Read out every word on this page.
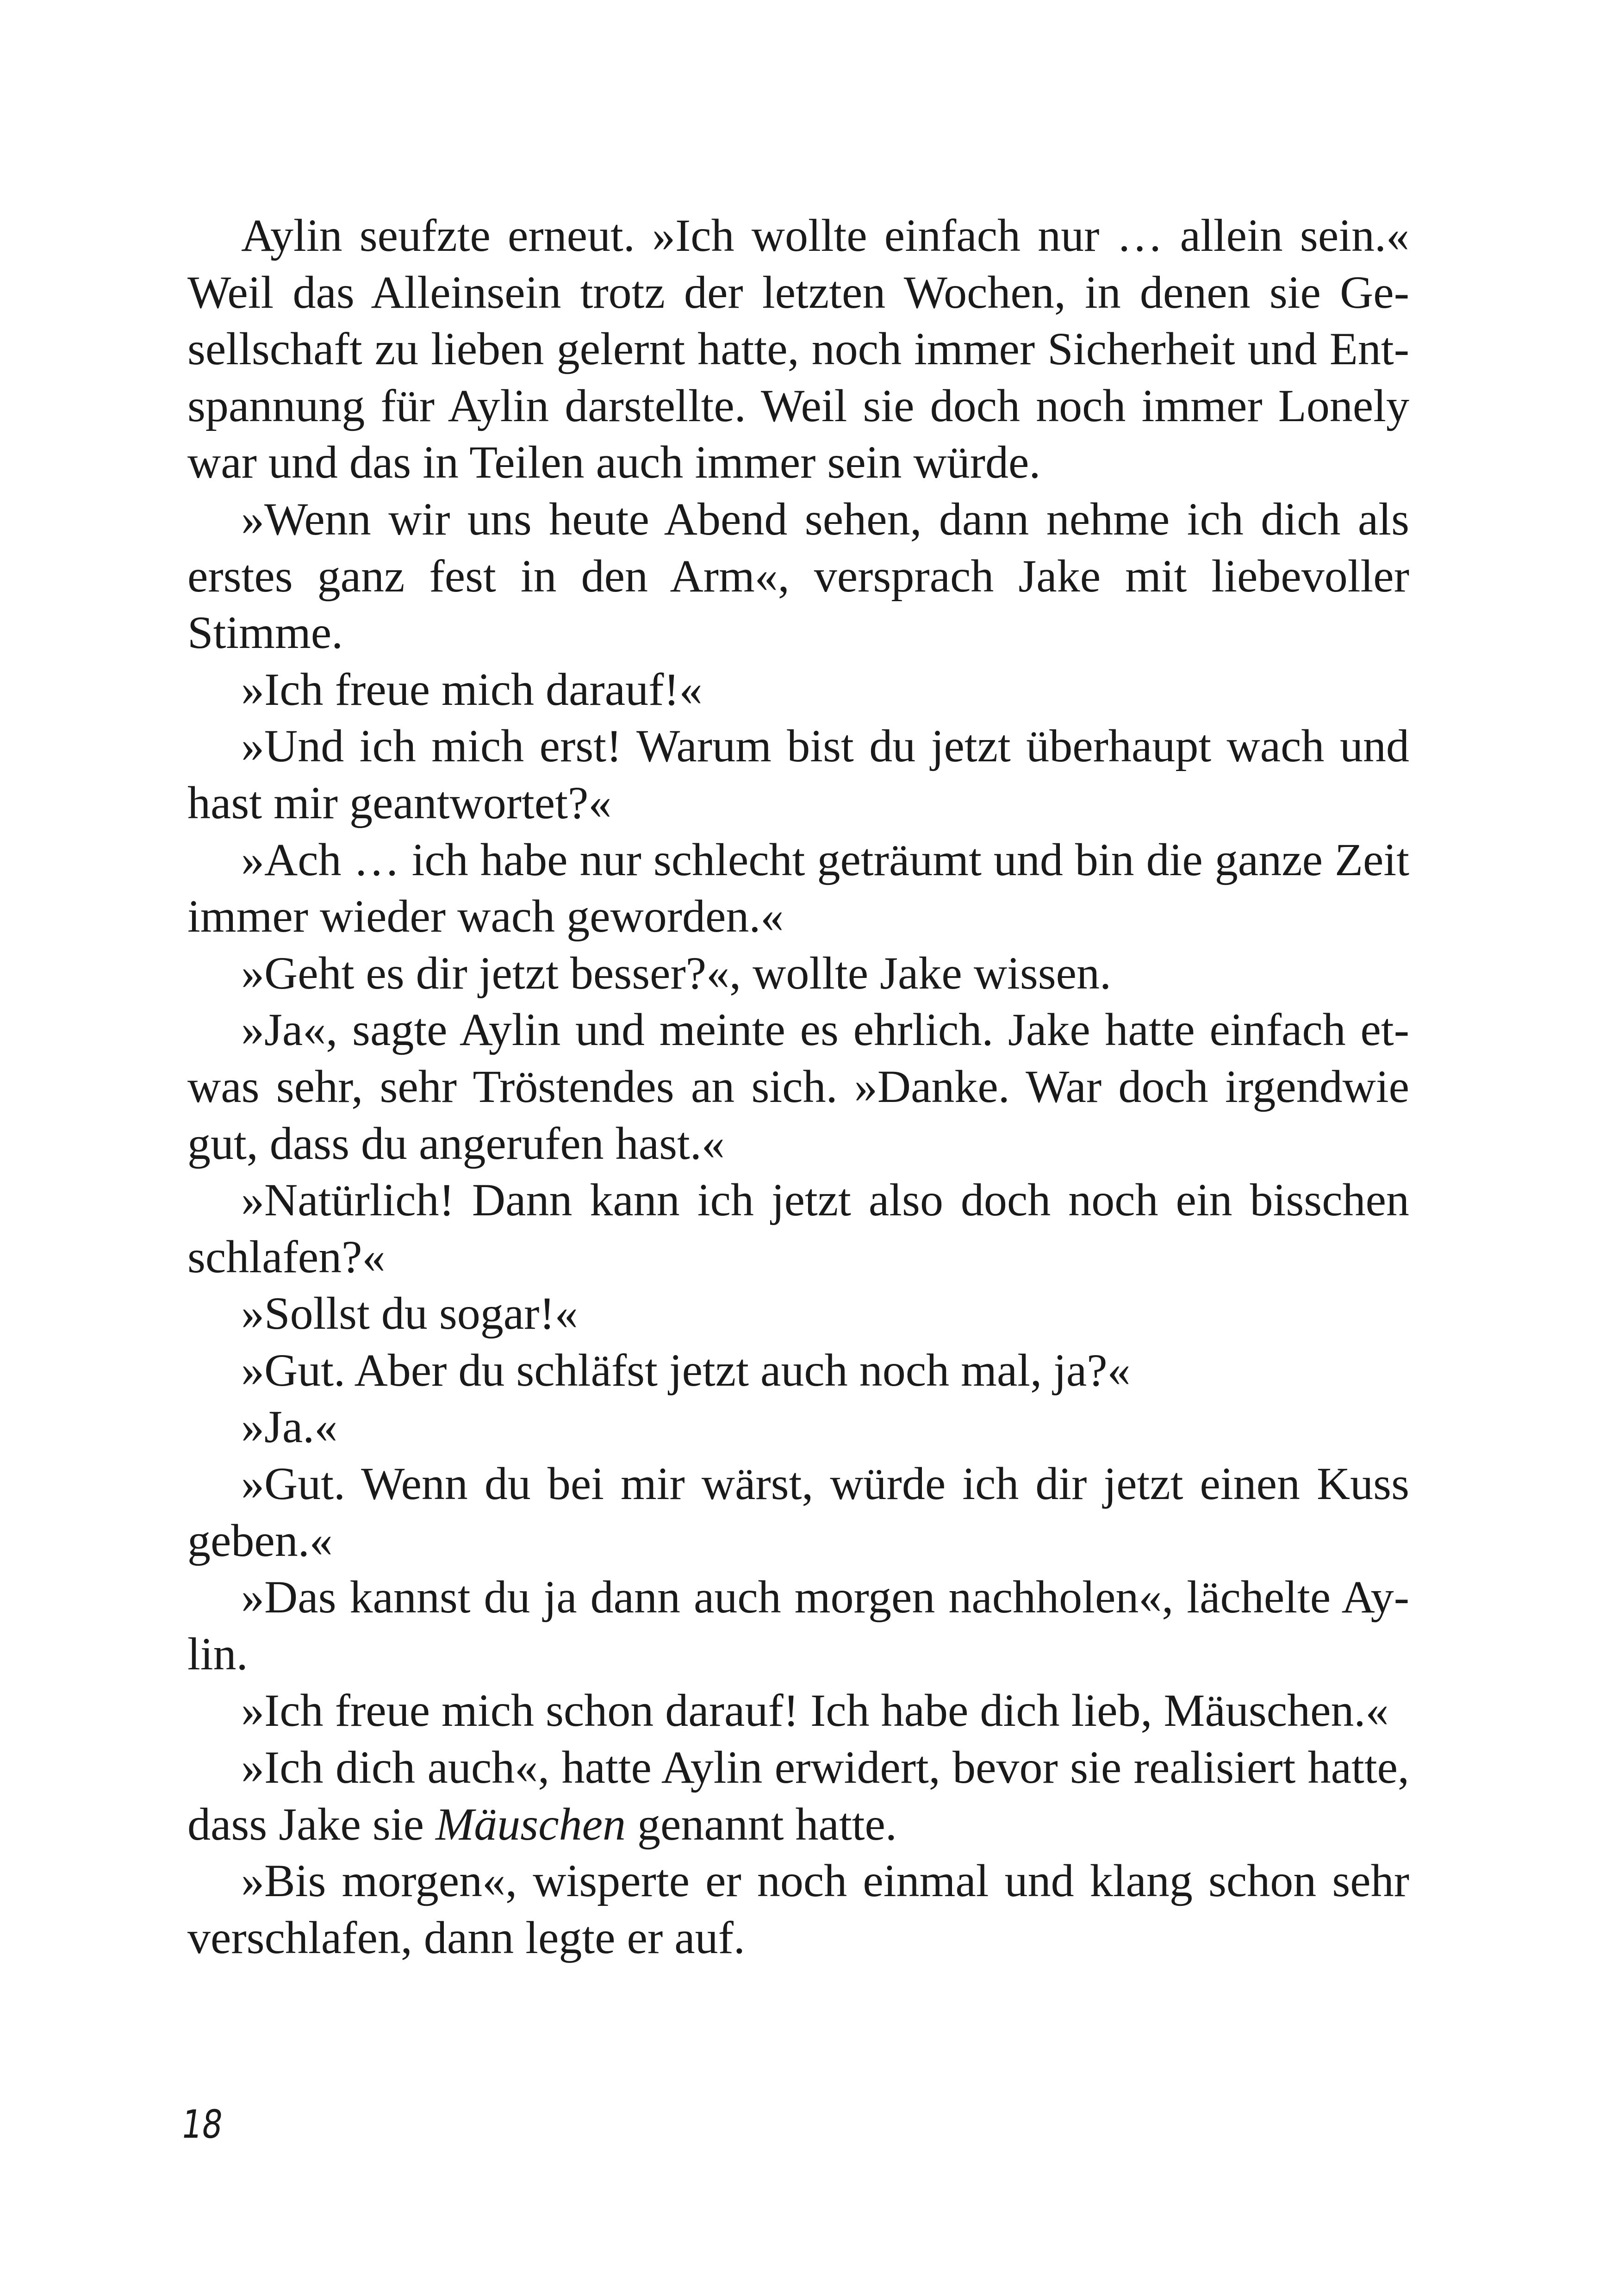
Aylin seufzte erneut. »Ich wollte einfach nur … allein sein.« Weil das Alleinsein trotz der letzten Wochen, in denen sie Gesellschaft zu lieben gelernt hatte, noch immer Sicherheit und Entspannung für Aylin darstellte. Weil sie doch noch immer Lonely war und das in Teilen auch immer sein würde.

»Wenn wir uns heute Abend sehen, dann nehme ich dich als erstes ganz fest in den Arm«, versprach Jake mit liebevoller Stimme.

»Ich freue mich darauf!«

»Und ich mich erst! Warum bist du jetzt überhaupt wach und hast mir geantwortet?«

»Ach … ich habe nur schlecht geträumt und bin die ganze Zeit immer wieder wach geworden.«

»Geht es dir jetzt besser?«, wollte Jake wissen.

»Ja«, sagte Aylin und meinte es ehrlich. Jake hatte einfach etwas sehr, sehr Tröstendes an sich. »Danke. War doch irgendwie gut, dass du angerufen hast.«

»Natürlich! Dann kann ich jetzt also doch noch ein bisschen schlafen?«

»Sollst du sogar!«

»Gut. Aber du schläfst jetzt auch noch mal, ja?«

»Ja.«

»Gut. Wenn du bei mir wärst, würde ich dir jetzt einen Kuss geben.«

»Das kannst du ja dann auch morgen nachholen«, lächelte Aylin.

»Ich freue mich schon darauf! Ich habe dich lieb, Mäuschen.«

»Ich dich auch«, hatte Aylin erwidert, bevor sie realisiert hatte, dass Jake sie Mäuschen genannt hatte.

»Bis morgen«, wisperte er noch einmal und klang schon sehr verschlafen, dann legte er auf.

18
